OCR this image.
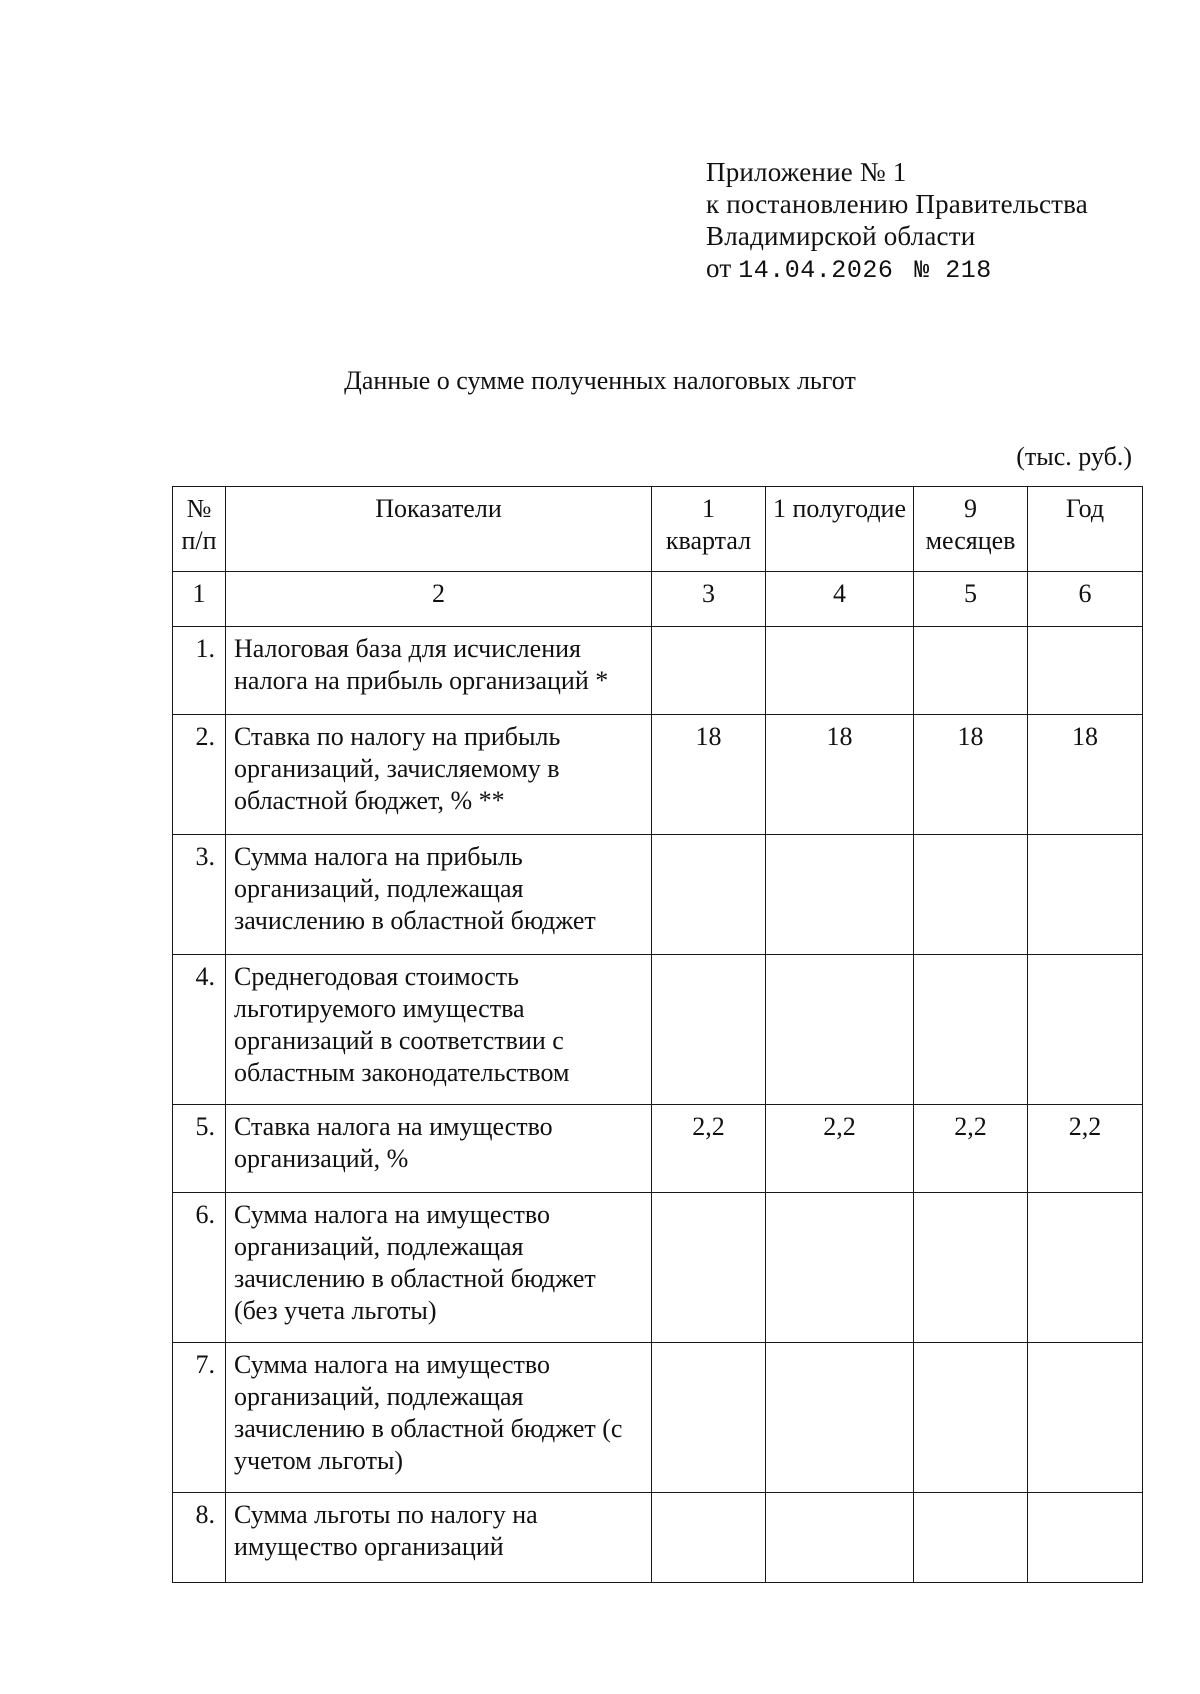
Приложение № 1
к постановлению Правительства
Владимирской области
от 14.04.2026 № 218
Данные о сумме полученных налоговых льгот
(тыс. руб.)
№ п/п	Показатели	1 квартал	1 полугодие	9 месяцев	Год
1	2	3	4	5	6
1.	Налоговая база для исчисления налога на прибыль организаций *				
2.	Ставка по налогу на прибыль организаций, зачисляемому в областной бюджет, % **	18	18	18	18
3.	Сумма налога на прибыль организаций, подлежащая зачислению в областной бюджет				
4.	Среднегодовая стоимость льготируемого имущества организаций в соответствии с областным законодательством				
5.	Ставка налога на имущество организаций, %	2,2	2,2	2,2	2,2
6.	Сумма налога на имущество организаций, подлежащая зачислению в областной бюджет (без учета льготы)				
7.	Сумма налога на имущество организаций, подлежащая зачислению в областной бюджет (с учетом льготы)				
8.	Сумма льготы по налогу на имущество организаций				
